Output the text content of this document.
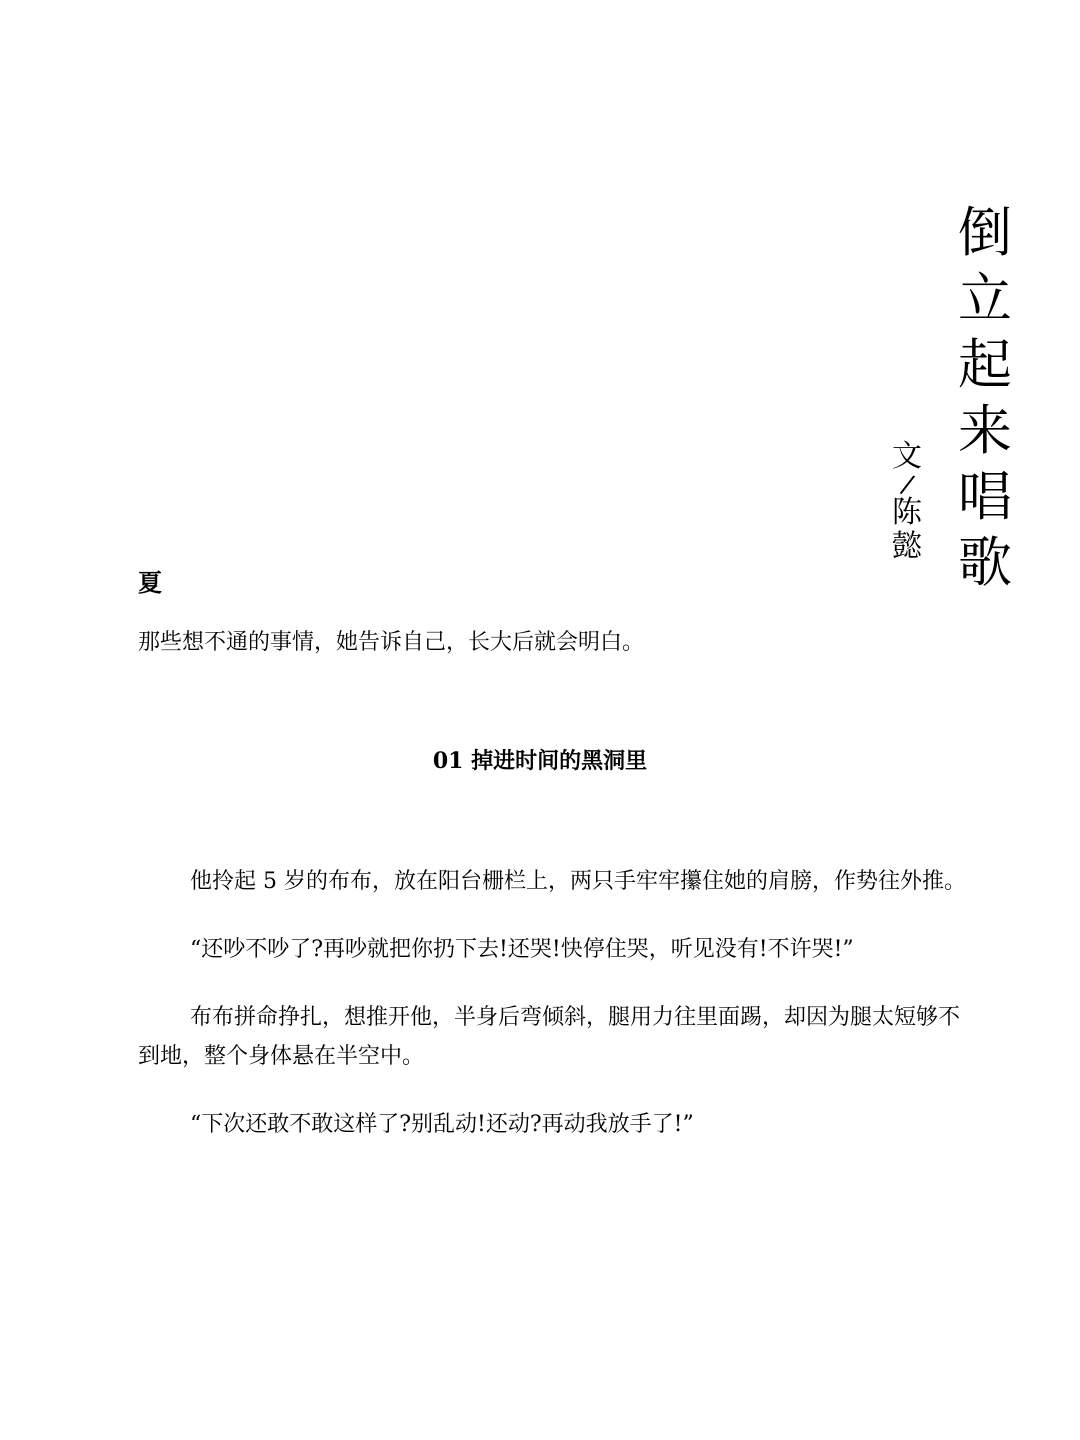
倒
立
起
来
唱
歌
文
/
陈
懿
夏
那些想不通的事情，她告诉自己，长大后就会明白。
01 掉进时间的黑洞里

他拎起 5 岁的布布，放在阳台栅栏上，两只手牢牢攥住她的肩膀，作势往外推。

“还吵不吵了?再吵就把你扔下去!还哭!快停住哭，听见没有!不许哭!”

布布拼命挣扎，想推开他，半身后弯倾斜，腿用力往里面踢，却因为腿太短够不到地，整个身体悬在半空中。

“下次还敢不敢这样了?别乱动!还动?再动我放手了!”
